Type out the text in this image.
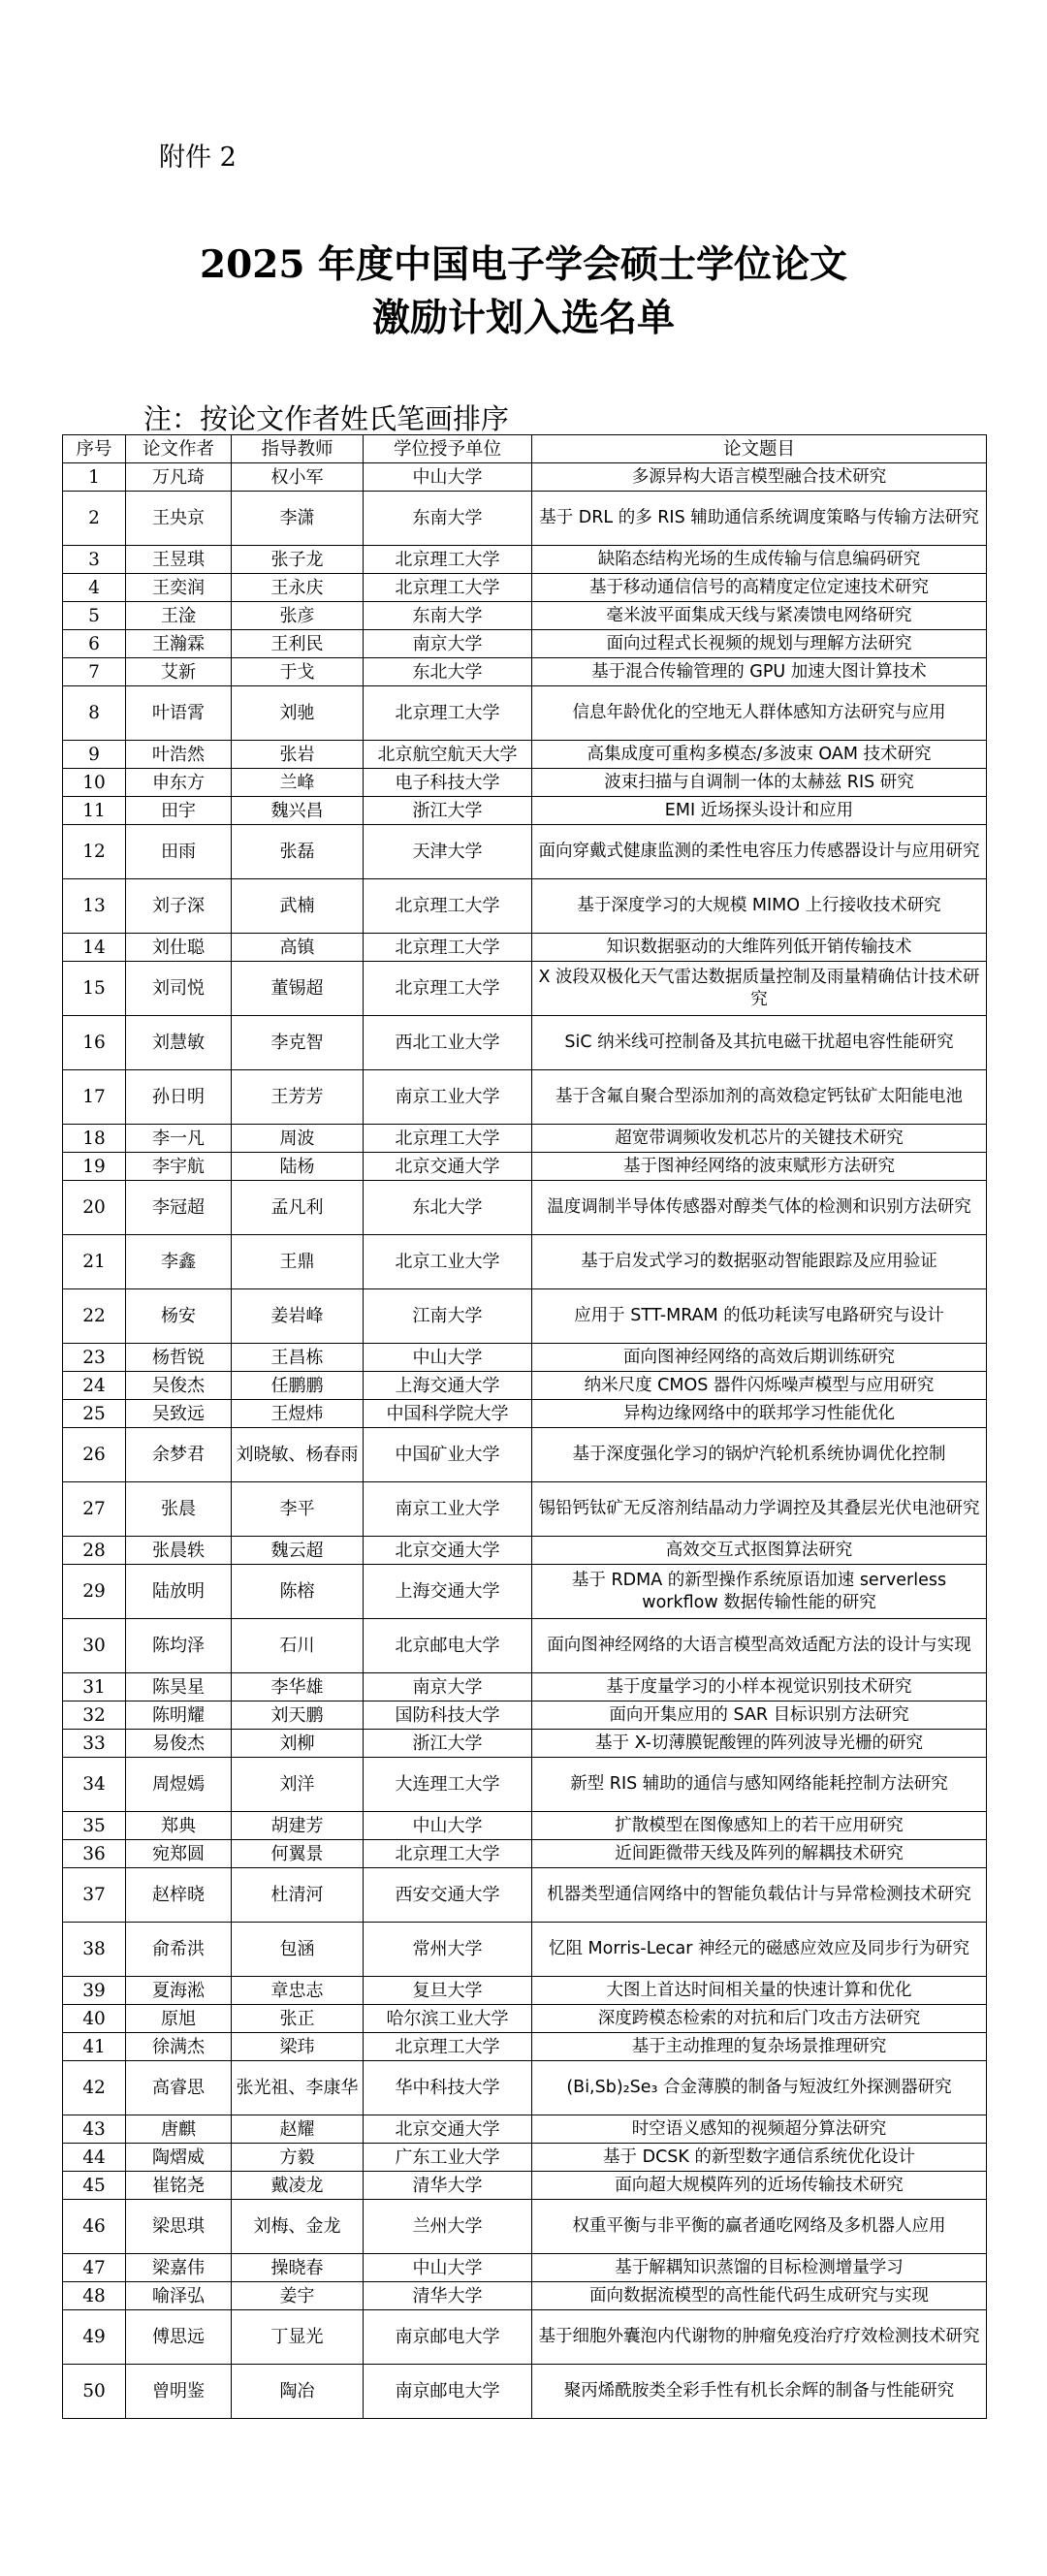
附件 2
2025 年度中国电子学会硕士学位论文
激励计划入选名单
注：按论文作者姓氏笔画排序
序号	论文作者	指导教师	学位授予单位	论文题目
1	万凡琦	权小军	中山大学	多源异构大语言模型融合技术研究
2	王央京	李潇	东南大学	基于 DRL 的多 RIS 辅助通信系统调度策略与传输方法研究
3	王昱琪	张子龙	北京理工大学	缺陷态结构光场的生成传输与信息编码研究
4	王奕润	王永庆	北京理工大学	基于移动通信信号的高精度定位定速技术研究
5	王淦	张彦	东南大学	毫米波平面集成天线与紧凑馈电网络研究
6	王瀚霖	王利民	南京大学	面向过程式长视频的规划与理解方法研究
7	艾新	于戈	东北大学	基于混合传输管理的 GPU 加速大图计算技术
8	叶语霄	刘驰	北京理工大学	信息年龄优化的空地无人群体感知方法研究与应用
9	叶浩然	张岩	北京航空航天大学	高集成度可重构多模态/多波束 OAM 技术研究
10	申东方	兰峰	电子科技大学	波束扫描与自调制一体的太赫兹 RIS 研究
11	田宇	魏兴昌	浙江大学	EMI 近场探头设计和应用
12	田雨	张磊	天津大学	面向穿戴式健康监测的柔性电容压力传感器设计与应用研究
13	刘子深	武楠	北京理工大学	基于深度学习的大规模 MIMO 上行接收技术研究
14	刘仕聪	高镇	北京理工大学	知识数据驱动的大维阵列低开销传输技术
15	刘司悦	董锡超	北京理工大学	X 波段双极化天气雷达数据质量控制及雨量精确估计技术研究
16	刘慧敏	李克智	西北工业大学	SiC 纳米线可控制备及其抗电磁干扰超电容性能研究
17	孙日明	王芳芳	南京工业大学	基于含氟自聚合型添加剂的高效稳定钙钛矿太阳能电池
18	李一凡	周波	北京理工大学	超宽带调频收发机芯片的关键技术研究
19	李宇航	陆杨	北京交通大学	基于图神经网络的波束赋形方法研究
20	李冠超	孟凡利	东北大学	温度调制半导体传感器对醇类气体的检测和识别方法研究
21	李鑫	王鼎	北京工业大学	基于启发式学习的数据驱动智能跟踪及应用验证
22	杨安	姜岩峰	江南大学	应用于 STT-MRAM 的低功耗读写电路研究与设计
23	杨哲锐	王昌栋	中山大学	面向图神经网络的高效后期训练研究
24	吴俊杰	任鹏鹏	上海交通大学	纳米尺度 CMOS 器件闪烁噪声模型与应用研究
25	吴致远	王煜炜	中国科学院大学	异构边缘网络中的联邦学习性能优化
26	余梦君	刘晓敏、杨春雨	中国矿业大学	基于深度强化学习的锅炉汽轮机系统协调优化控制
27	张晨	李平	南京工业大学	锡铅钙钛矿无反溶剂结晶动力学调控及其叠层光伏电池研究
28	张晨轶	魏云超	北京交通大学	高效交互式抠图算法研究
29	陆放明	陈榕	上海交通大学	基于 RDMA 的新型操作系统原语加速 serverless workflow 数据传输性能的研究
30	陈均泽	石川	北京邮电大学	面向图神经网络的大语言模型高效适配方法的设计与实现
31	陈昊星	李华雄	南京大学	基于度量学习的小样本视觉识别技术研究
32	陈明耀	刘天鹏	国防科技大学	面向开集应用的 SAR 目标识别方法研究
33	易俊杰	刘柳	浙江大学	基于 X-切薄膜铌酸锂的阵列波导光栅的研究
34	周煜嫣	刘洋	大连理工大学	新型 RIS 辅助的通信与感知网络能耗控制方法研究
35	郑典	胡建芳	中山大学	扩散模型在图像感知上的若干应用研究
36	宛郑圆	何翼景	北京理工大学	近间距微带天线及阵列的解耦技术研究
37	赵梓晓	杜清河	西安交通大学	机器类型通信网络中的智能负载估计与异常检测技术研究
38	俞希洪	包涵	常州大学	忆阻 Morris-Lecar 神经元的磁感应效应及同步行为研究
39	夏海淞	章忠志	复旦大学	大图上首达时间相关量的快速计算和优化
40	原旭	张正	哈尔滨工业大学	深度跨模态检索的对抗和后门攻击方法研究
41	徐满杰	梁玮	北京理工大学	基于主动推理的复杂场景推理研究
42	高睿思	张光祖、李康华	华中科技大学	(Bi,Sb)₂Se₃ 合金薄膜的制备与短波红外探测器研究
43	唐麒	赵耀	北京交通大学	时空语义感知的视频超分算法研究
44	陶熠威	方毅	广东工业大学	基于 DCSK 的新型数字通信系统优化设计
45	崔铭尧	戴凌龙	清华大学	面向超大规模阵列的近场传输技术研究
46	梁思琪	刘梅、金龙	兰州大学	权重平衡与非平衡的赢者通吃网络及多机器人应用
47	梁嘉伟	操晓春	中山大学	基于解耦知识蒸馏的目标检测增量学习
48	喻泽弘	姜宇	清华大学	面向数据流模型的高性能代码生成研究与实现
49	傅思远	丁显光	南京邮电大学	基于细胞外囊泡内代谢物的肿瘤免疫治疗疗效检测技术研究
50	曾明鉴	陶冶	南京邮电大学	聚丙烯酰胺类全彩手性有机长余辉的制备与性能研究
